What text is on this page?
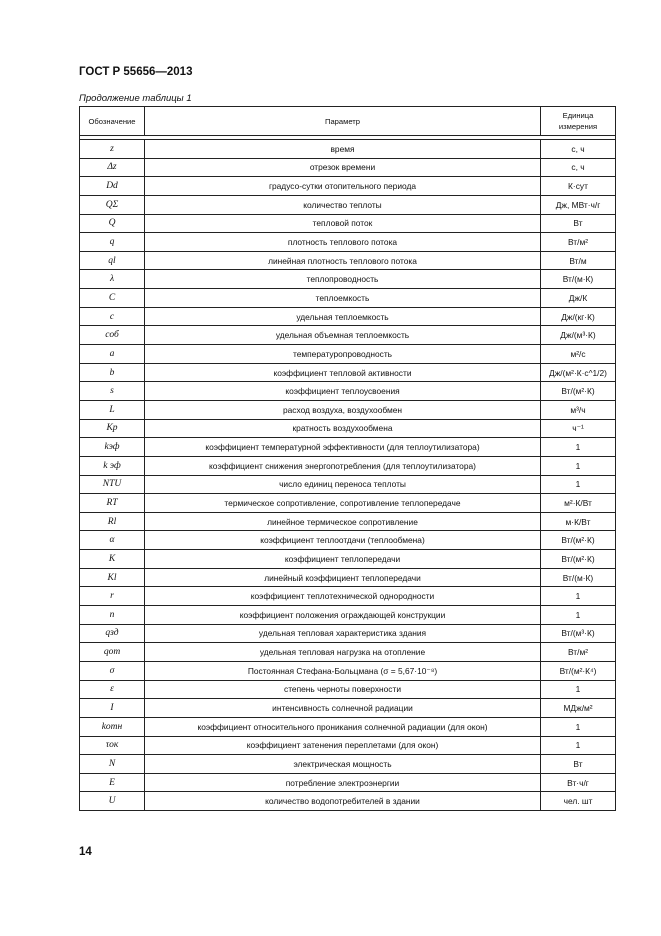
ГОСТ Р 55656—2013
Продолжение таблицы 1
Обозначение	Параметр	Единица измерения

z	время	с, ч
Δz	отрезок времени	с, ч
Dd	градусо-сутки отопительного периода	К·сут
QΣ	количество теплоты	Дж, МВт·ч/г
Q	тепловой поток	Вт
q	плотность теплового потока	Вт/м²
ql	линейная плотность теплового потока	Вт/м
λ	теплопроводность	Вт/(м·К)
C	теплоемкость	Дж/К
c	удельная теплоемкость	Дж/(кг·К)
cоб	удельная объемная теплоемкость	Дж/(м³·К)
a	температуропроводность	м²/с
b	коэффициент тепловой активности	Дж/(м²·К·с^1/2)
s	коэффициент теплоусвоения	Вт/(м²·К)
L	расход воздуха, воздухообмен	м³/ч
Kр	кратность воздухообмена	ч⁻¹
kэф	коэффициент температурной эффективности (для теплоутилизатора)	1
k эф	коэффициент снижения энергопотребления (для теплоутилизатора)	1
NTU	число единиц переноса теплоты	1
RT	термическое сопротивление, сопротивление теплопередаче	м²·К/Вт
Rl	линейное термическое сопротивление	м·К/Вт
α	коэффициент теплоотдачи (теплообмена)	Вт/(м²·К)
К	коэффициент теплопередачи	Вт/(м²·К)
Kl	линейный коэффициент теплопередачи	Вт/(м·К)
r	коэффициент теплотехнической однородности	1
n	коэффициент положения ограждающей конструкции	1
qзд	удельная тепловая характеристика здания	Вт/(м³·К)
qот	удельная тепловая нагрузка на отопление	Вт/м²
σ	Постоянная Стефана-Больцмана (σ = 5,67·10⁻⁸)	Вт/(м²·К⁴)
ε	степень черноты поверхности	1
I	интенсивность солнечной радиации	МДж/м²
kотн	коэффициент относительного проникания солнечной радиации (для окон)	1
τок	коэффициент затенения переплетами (для окон)	1
N	электрическая мощность	Вт
E	потребление электроэнергии	Вт·ч/г
U	количество водопотребителей в здании	чел. шт
14
